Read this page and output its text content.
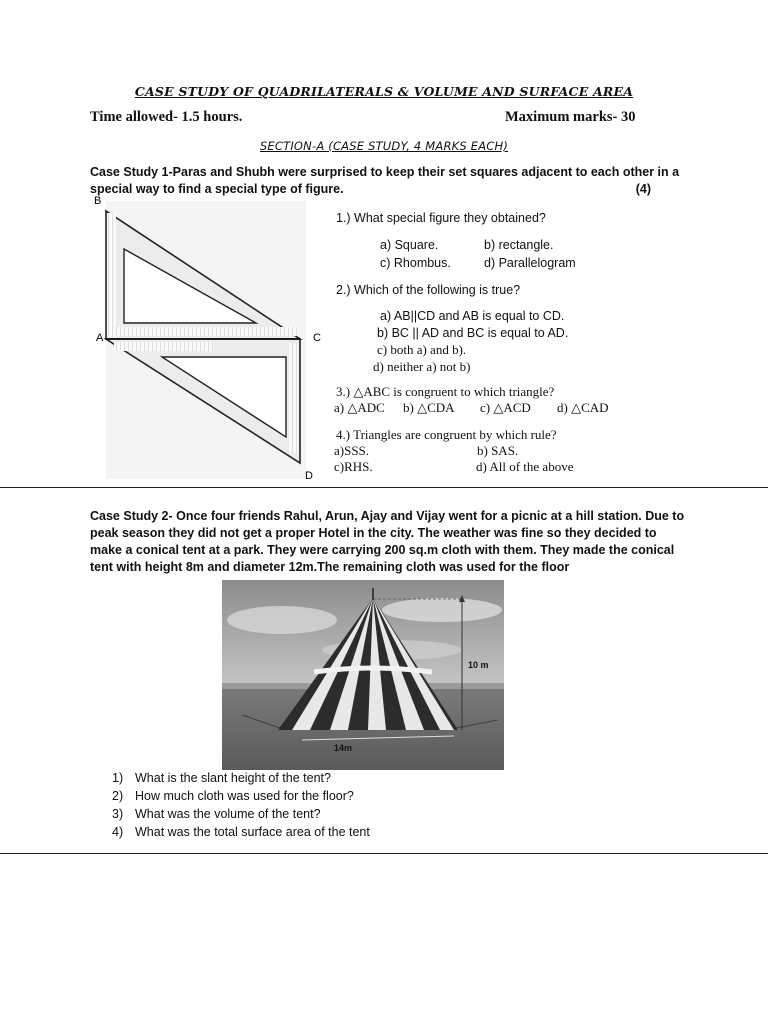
CASE STUDY OF QUADRILATERALS & VOLUME AND SURFACE AREA
Time allowed- 1.5 hours.	Maximum marks- 30
SECTION-A (CASE STUDY, 4 MARKS EACH)
Case Study 1-Paras and Shubh were surprised to keep their set squares adjacent to each other in a special way to find a special type of figure.	(4)
B
A	C
D
1.) What special figure they obtained?
a) Square.	b) rectangle.
c) Rhombus.	d) Parallelogram
2.) Which of the following is true?
a) AB||CD and AB is equal to CD.
b) BC || AD and BC is equal to AD.
c) both a) and b).
d) neither a) not b)
3.) △ABC is congruent to which triangle?
a) △ADC b) △CDA c) △ACD d) △CAD
4.) Triangles are congruent by which rule?
a)SSS.	b) SAS.
c)RHS.	d) All of the above
Case Study 2- Once four friends Rahul, Arun, Ajay and Vijay went for a picnic at a hill station. Due to peak season they did not get a proper Hotel in the city. The weather was fine so they decided to make a conical tent at a park. They were carrying 200 sq.m cloth with them. They made the conical tent with height 8m and diameter 12m.The remaining cloth was used for the floor
10 m
14m
1) What is the slant height of the tent?
2) How much cloth was used for the floor?
3) What was the volume of the tent?
4) What was the total surface area of the tent
